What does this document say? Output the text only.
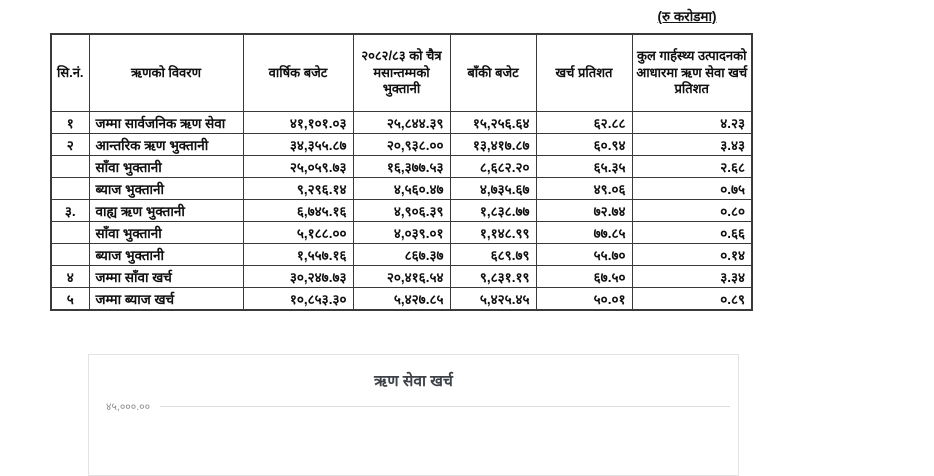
(रु करोडमा)
सि.नं.	ऋणको विवरण	वार्षिक बजेट	२०८२/८३ को चैत्र मसान्तम्मको भुक्तानी	बाँकी बजेट	खर्च प्रतिशत	कुल गार्हस्थ्य उत्पादनको आधारमा ऋण सेवा खर्च प्रतिशत
१	जम्मा सार्वजनिक ऋण सेवा	४१,१०१.०३	२५,८४४.३९	१५,२५६.६४	६२.८८	४.२३
२	आन्तरिक ऋण भुक्तानी	३४,३५५.८७	२०,९३८.००	१३,४१७.८७	६०.९४	३.४३
	साँवा भुक्तानी	२५,०५९.७३	१६,३७७.५३	८,६८२.२०	६५.३५	२.६८
	ब्याज भुक्तानी	९,२९६.१४	४,५६०.४७	४,७३५.६७	४९.०६	०.७५
३.	वाह्य ऋण भुक्तानी	६,७४५.१६	४,९०६.३९	१,८३८.७७	७२.७४	०.८०
	साँवा भुक्तानी	५,१८८.००	४,०३९.०१	१,१४८.९९	७७.८५	०.६६
	ब्याज भुक्तानी	१,५५७.१६	८६७.३७	६८९.७९	५५.७०	०.१४
४	जम्मा साँवा खर्च	३०,२४७.७३	२०,४१६.५४	९,८३१.१९	६७.५०	३.३४
५	जम्मा ब्याज खर्च	१०,८५३.३०	५,४२७.८५	५,४२५.४५	५०.०१	०.८९
ऋण सेवा खर्च
४५,०००.००
